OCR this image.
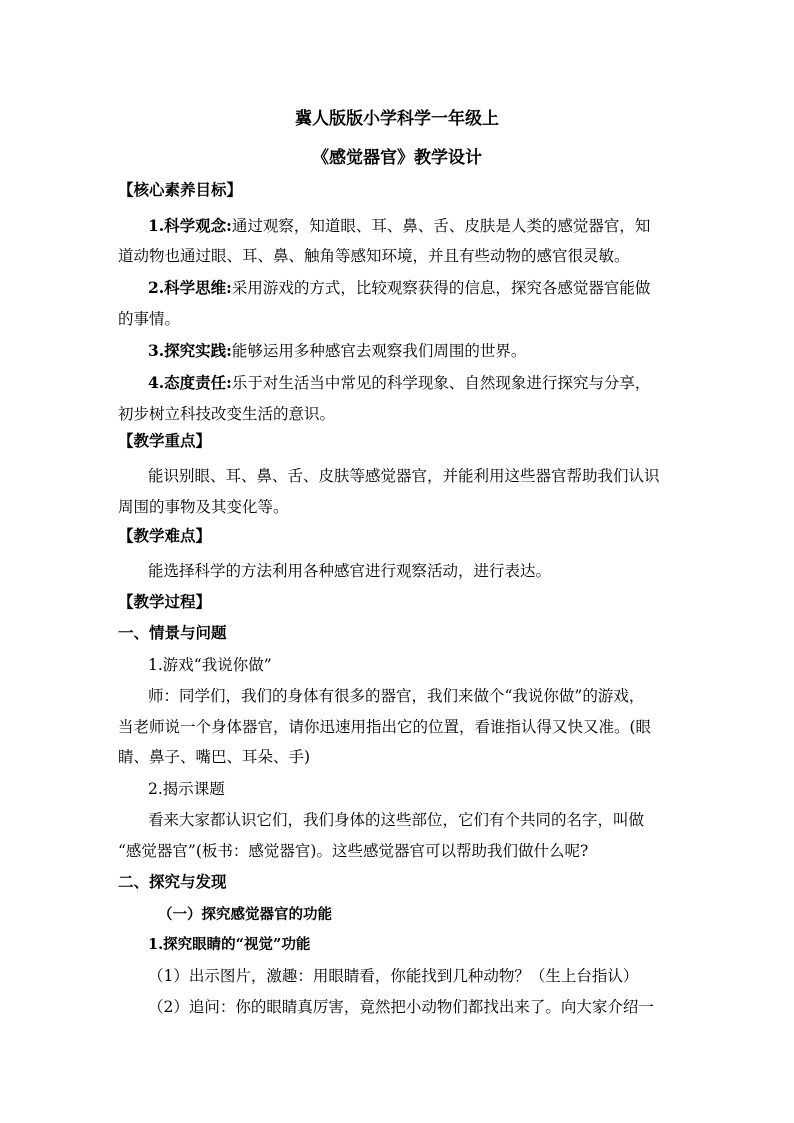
冀人版版小学科学一年级上
《感觉器官》教学设计
【核心素养目标】
1.科学观念:通过观察，知道眼、耳、鼻、舌、皮肤是人类的感觉器官，知
道动物也通过眼、耳、鼻、触角等感知环境，并且有些动物的感官很灵敏。
2.科学思维:采用游戏的方式，比较观察获得的信息，探究各感觉器官能做
的事情。
3.探究实践:能够运用多种感官去观察我们周围的世界。
4.态度责任:乐于对生活当中常见的科学现象、自然现象进行探究与分享，
初步树立科技改变生活的意识。
【教学重点】
能识别眼、耳、鼻、舌、皮肤等感觉器官，并能利用这些器官帮助我们认识
周围的事物及其变化等。
【教学难点】
能选择科学的方法利用各种感官进行观察活动，进行表达。
【教学过程】
一、情景与问题
1.游戏“我说你做”
师：同学们，我们的身体有很多的器官，我们来做个“我说你做”的游戏，
当老师说一个身体器官，请你迅速用指出它的位置，看谁指认得又快又准。(眼
睛、鼻子、嘴巴、耳朵、手)
2.揭示课题
看来大家都认识它们，我们身体的这些部位，它们有个共同的名字，叫做
“感觉器官”(板书：感觉器官)。这些感觉器官可以帮助我们做什么呢?
二、探究与发现
（一）探究感觉器官的功能
1.探究眼睛的“视觉”功能
（1）出示图片，激趣：用眼睛看，你能找到几种动物？（生上台指认）
（2）追问：你的眼睛真厉害，竟然把小动物们都找出来了。向大家介绍一
